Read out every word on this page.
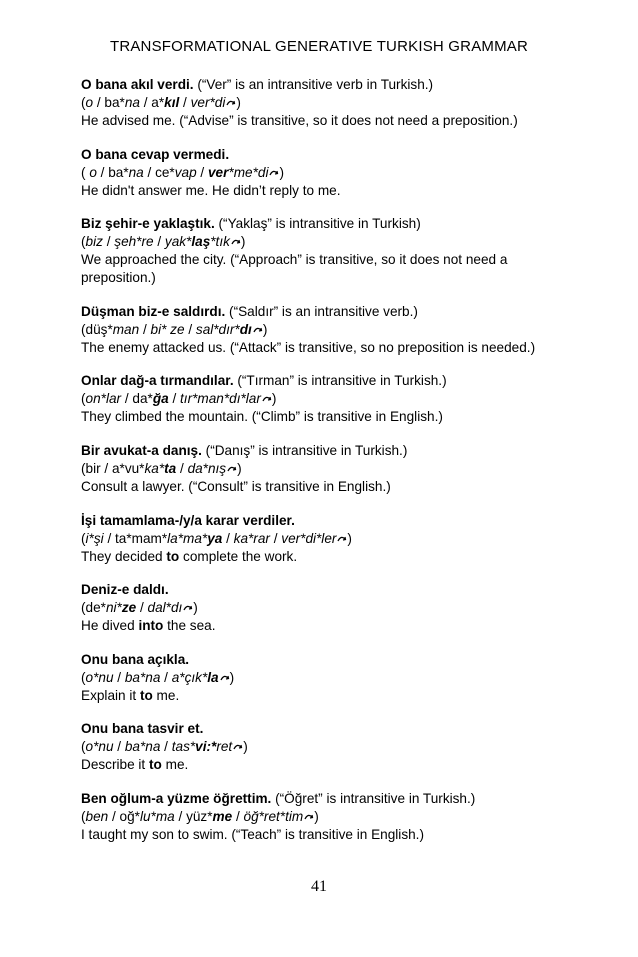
TRANSFORMATIONAL GENERATIVE TURKISH GRAMMAR
O bana akıl verdi. (“Ver” is an intransitive verb in Turkish.)
(o / ba*na / a*kıl / ver*di )
He advised me. (“Advise” is transitive, so it does not need a preposition.)
O bana cevap vermedi.
( o / ba*na / ce*vap / ver*me*di )
He didn't answer me. He didn’t reply to me.
Biz şehir-e yaklaştık. (“Yaklaş” is intransitive in Turkish)
(biz / şeh*re / yak*laş*tık )
We approached the city. (“Approach” is transitive, so it does not need a preposition.)
Düşman biz-e saldırdı. (“Saldır” is an intransitive verb.)
(düş*man / bi* ze / sal*dır*dı )
The enemy attacked us. (“Attack” is transitive, so no preposition is needed.)
Onlar dağ-a tırmandılar. (“Tırman” is intransitive in Turkish.)
(on*lar / da*ğa / tır*man*dı*lar )
They climbed the mountain. (“Climb” is transitive in English.)
Bir avukat-a danış. (“Danış” is intransitive in Turkish.)
(bir / a*vu*ka*ta / da*nış )
Consult a lawyer. (“Consult” is transitive in English.)
İşi tamamlama-/y/a karar verdiler.
(i*şi / ta*mam*la*ma*ya / ka*rar / ver*di*ler )
They decided to complete the work.
Deniz-e daldı.
(de*ni*ze / dal*dı )
He dived into the sea.
Onu bana açıkla.
(o*nu / ba*na / a*çık*la )
Explain it to me.
Onu bana tasvir et.
(o*nu / ba*na / tas*vi:*ret )
Describe it to me.
Ben oğlum-a yüzme öğrettim. (“Öğret” is intransitive in Turkish.)
(ben / oğ*lu*ma / yüz*me / öğ*ret*tim )
I taught my son to swim. (“Teach” is transitive in English.)
41
